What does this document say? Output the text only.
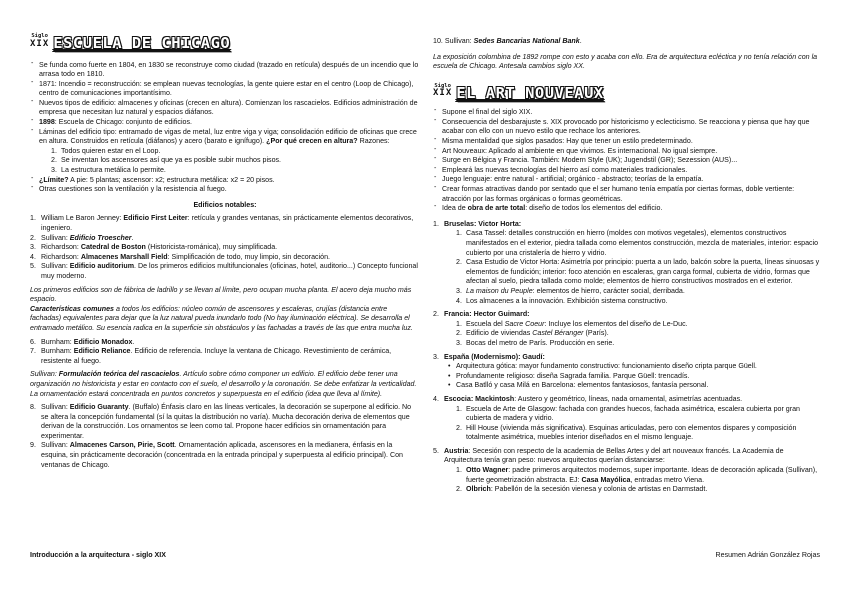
Siglo
XIX ESCUELA DE CHICAGO
- Se funda como fuerte en 1804, en 1830 se reconstruye como ciudad (trazado en retícula) después de un incendio que lo arrasa todo en 1810.
- 1871: Incendio = reconstrucción: se emplean nuevas tecnologías, la gente quiere estar en el centro (Loop de Chicago), centro de comunicaciones importantísimo.
- Nuevos tipos de edificio: almacenes y oficinas (crecen en altura). Comienzan los rascacielos. Edificios administración de empresa que necesitan luz natural y espacios diáfanos.
- 1898: Escuela de Chicago: conjunto de edificios.
- Láminas del edificio tipo: entramado de vigas de metal, luz entre viga y viga; consolidación edificio de oficinas que crece en altura. Construidos en retícula (diáfanos) y acero (barato e ignífugo). ¿Por qué crecen en altura? Razones:
1. Todos quieren estar en el Loop.
2. Se inventan los ascensores así que ya es posible subir muchos pisos.
3. La estructura metálica lo permite.
- ¿Límite? A pie: 5 plantas; ascensor: x2; estructura metálica: x2 = 20 pisos.
- Otras cuestiones son la ventilación y la resistencia al fuego.
Edificios notables:
1. William Le Baron Jenney: Edificio First Leiter: retícula y grandes ventanas, sin prácticamente elementos decorativos, ingeniero.
2. Sullivan: Edificio Troescher.
3. Richardson: Catedral de Boston (Historicista-románica), muy simplificada.
4. Richardson: Almacenes Marshall Field: Simplificación de todo, muy limpio, sin decoración.
5. Sullivan: Edificio auditorium. De los primeros edificios multifuncionales (oficinas, hotel, auditorio...) Concepto funcional muy moderno.

Los primeros edificios son de fábrica de ladrillo y se llevan al límite, pero ocupan mucha planta. El acero deja mucho más espacio.

Características comunes a todos los edificios: núcleo común de ascensores y escaleras, crujías (distancia entre fachadas) equivalentes para dejar que la luz natural pueda inundarlo todo (No hay iluminación eléctrica). Se desarrolla el entramado metálico. Su esencia radica en la superficie sin obstáculos y las fachadas a través de las que entra mucha luz.

6. Burnham: Edificio Monadox.
7. Burnham: Edificio Reliance. Edificio de referencia. Incluye la ventana de Chicago. Revestimiento de cerámica, resistente al fuego.

Sullivan: Formulación teórica del rascacielos. Artículo sobre cómo componer un edificio. El edificio debe tener una organización no historicista y estar en contacto con el suelo, el desarrollo y la coronación. Se debe enfatizar la verticalidad. La ornamentación estará concentrada en puntos concretos y superpuesta en el edificio (idea que lleva al límite).

8. Sullivan: Edificio Guaranty. (Buffalo) Énfasis claro en las líneas verticales, la decoración se superpone al edificio. No se altera la concepción fundamental (sí la quitas la distribución no varía). Mucha decoración deriva de elementos que derivan de la construcción. Los ornamentos se leen como tal. Propone hacer edificios sin ornamentación para experimentar.
9. Sullivan: Almacenes Carson, Pirie, Scott. Ornamentación aplicada, ascensores en la medianera, énfasis en la esquina, sin prácticamente decoración (concentrada en la entrada principal y superpuesta al edificio principal). Con ventanas de Chicago.
Introducción a la arquitectura - siglo XIX
10. Sullivan: Sedes Bancarias National Bank.

La exposición colombina de 1892 rompe con esto y acaba con ello. Era de arquitectura ecléctica y no tenía relación con la escuela de Chicago. Antesala cambios siglo XX.

Siglo
XIX EL ART NOUVEAUX
- Supone el final del siglo XIX.
- Consecuencia del desbarajuste s. XIX provocado por historicismo y eclecticismo. Se reacciona y piensa que hay que acabar con ello con un nuevo estilo que rechace los anteriores.
- Misma mentalidad que siglos pasados: Hay que tener un estilo predeterminado.
- Art Nouveaux: Aplicado al ambiente en que vivimos. Es internacional. No igual siempre.
- Surge en Bélgica y Francia. También: Modern Style (UK); Jugendstil (GR); Sezession (AUS)...
- Empleará las nuevas tecnologías del hierro así como materiales tradicionales.
- Juego lenguaje: entre natural - artificial; orgánico - abstracto; teorías de la empatía.
- Crear formas atractivas dando por sentado que el ser humano tenía empatía por ciertas formas, doble vertiente: atracción por las formas orgánicas o formas geométricas.
- Idea de obra de arte total: diseño de todos los elementos del edificio.
1. Bruselas: Victor Horta:
1. Casa Tassel: detalles construcción en hierro (moldes con motivos vegetales), elementos constructivos manifestados en el exterior, piedra tallada como elementos construcción, mezcla de materiales, interior: espacio cubierto por una cristalería de hierro y vidrio.
2. Casa Estudio de Victor Horta: Asimetría por principio: puerta a un lado, balcón sobre la puerta, líneas sinuosas y elementos de fundición; interior: foco atención en escaleras, gran carga formal, cubierta de vidrio, formas que afectan al suelo, piedra tallada como molde; elementos de hierro constructivos mostrados en el exterior.
3. La maison du Peuple: elementos de hierro, carácter social, derribada.
4. Los almacenes a la innovación. Exhibición sistema constructivo.
2. Francia: Hector Guimard:
1. Escuela del Sacre Coeur: Incluye los elementos del diseño de Le-Duc.
2. Edificio de viviendas Castel Béranger (París).
3. Bocas del metro de París. Producción en serie.
3. España (Modernismo): Gaudí:
• Arquitectura gótica: mayor fundamento constructivo: funcionamiento diseño cripta parque Güell.
• Profundamente religioso: diseña Sagrada familia. Parque Güell: trencadís.
• Casa Batlló y casa Milá en Barcelona: elementos fantasiosos, fantasía personal.
4. Escocia: Mackintosh: Austero y geométrico, líneas, nada ornamental, asimetrías acentuadas.
1. Escuela de Arte de Glasgow: fachada con grandes huecos, fachada asimétrica, escalera cubierta por gran cubierta de madera y vidrio.
2. Hill House (vivienda más significativa). Esquinas articuladas, pero con elementos dispares y composición totalmente asimétrica, muebles interior diseñados en el mismo lenguaje.
5. Austria: Secesión con respecto de la academia de Bellas Artes y del art nouveaux francés. La Academia de Arquitectura tenía gran peso: nuevos arquitectos querían distanciarse:
1. Otto Wagner: padre primeros arquitectos modernos, super importante. Ideas de decoración aplicada (Sullivan), fuerte geometrización abstracta. EJ: Casa Mayólica, entradas metro Viena.
2. Olbrich: Pabellón de la secesión vienesa y colonia de artistas en Darmstadt.
Resumen Adrián González Rojas
